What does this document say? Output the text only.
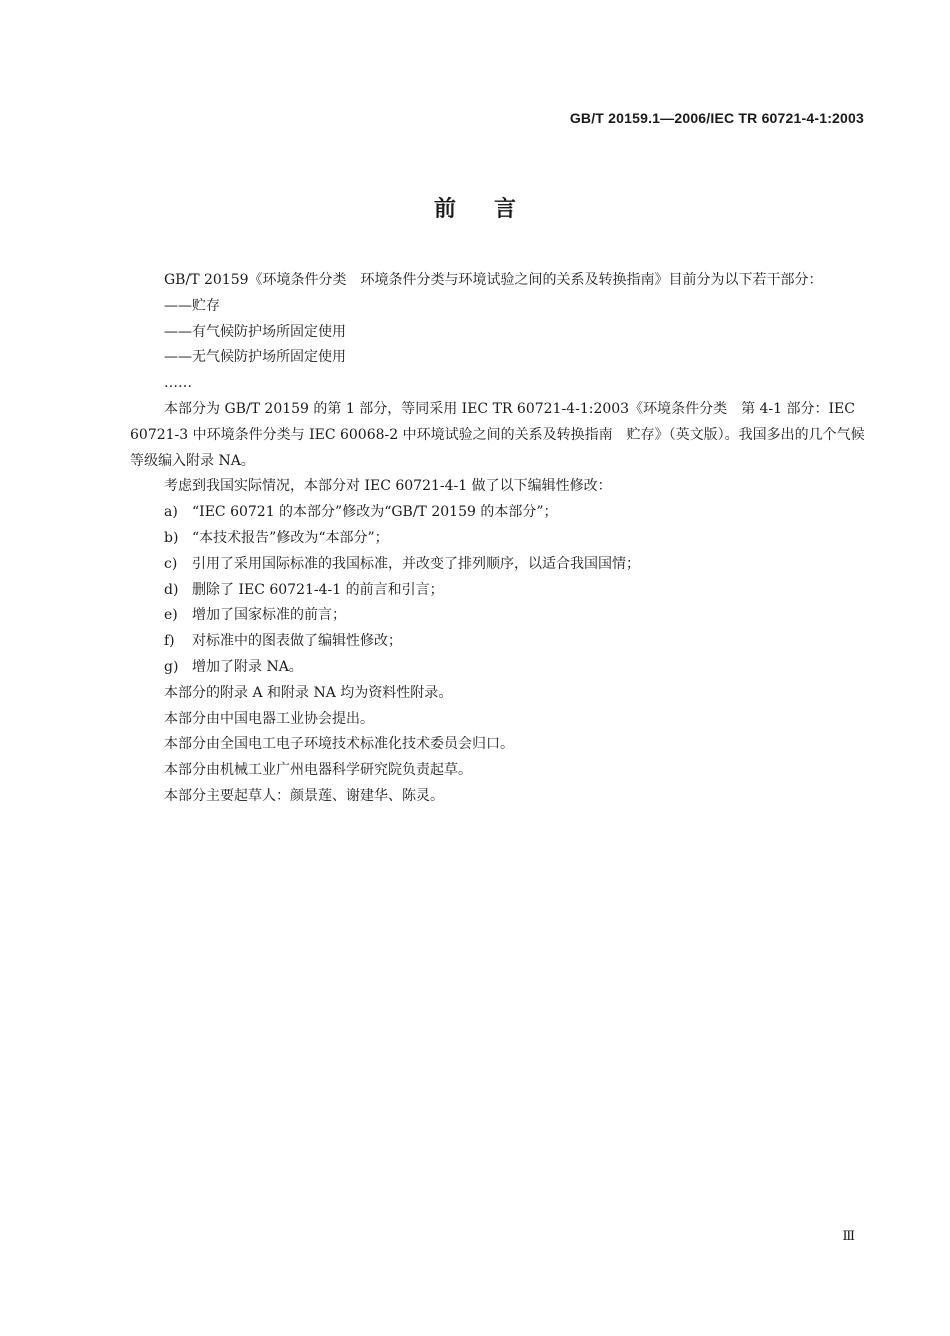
GB/T 20159.1—2006/IEC TR 60721-4-1:2003
前言

GB/T 20159《环境条件分类　环境条件分类与环境试验之间的关系及转换指南》目前分为以下若干部分：

——贮存

——有气候防护场所固定使用

——无气候防护场所固定使用

……

本部分为 GB/T 20159 的第 1 部分，等同采用 IEC TR 60721-4-1:2003《环境条件分类　第 4-1 部分：IEC 60721-3 中环境条件分类与 IEC 60068-2 中环境试验之间的关系及转换指南　贮存》（英文版）。我国多出的几个气候等级编入附录 NA。

考虑到我国实际情况，本部分对 IEC 60721-4-1 做了以下编辑性修改：

a) “IEC 60721 的本部分”修改为“GB/T 20159 的本部分”；

b) “本技术报告”修改为“本部分”；

c) 引用了采用国际标准的我国标准，并改变了排列顺序，以适合我国国情；

d) 删除了 IEC 60721-4-1 的前言和引言；

e) 增加了国家标准的前言；

f) 对标准中的图表做了编辑性修改；

g) 增加了附录 NA。

本部分的附录 A 和附录 NA 均为资料性附录。

本部分由中国电器工业协会提出。

本部分由全国电工电子环境技术标准化技术委员会归口。

本部分由机械工业广州电器科学研究院负责起草。

本部分主要起草人：颜景莲、谢建华、陈灵。

Ⅲ
